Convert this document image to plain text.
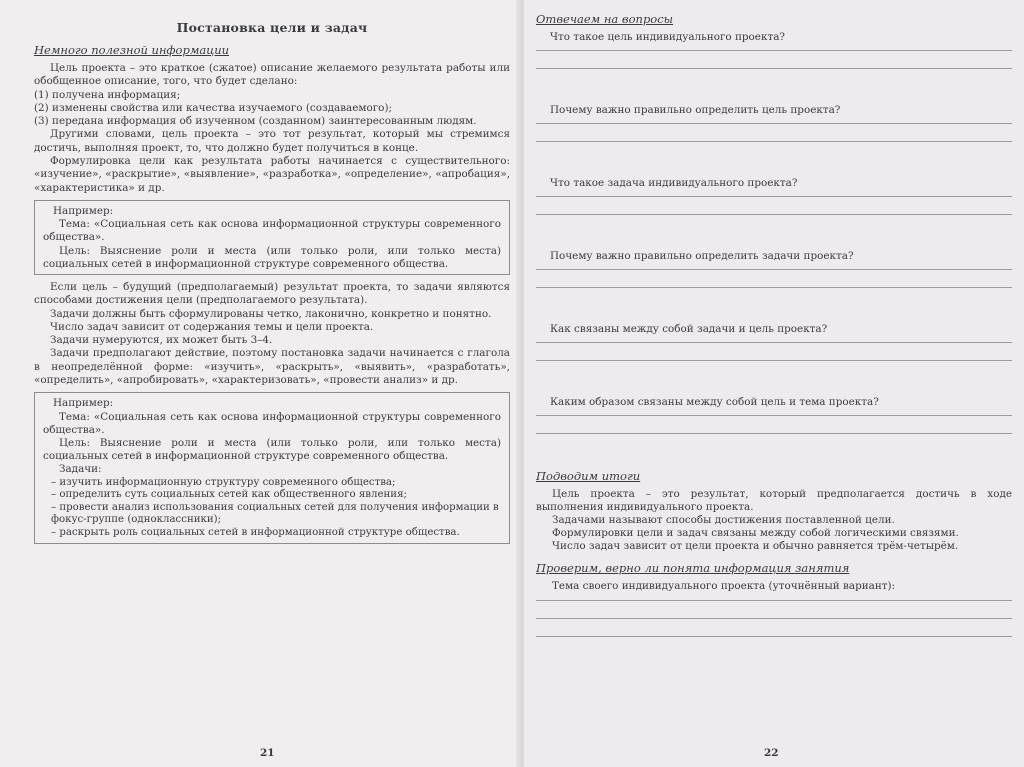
Постановка цели и задач
Немного полезной информации

Цель проекта – это краткое (сжатое) описание желаемого результата работы или обобщенное описание, того, что будет сделано:

(1) получена информация;
(2) изменены свойства или качества изучаемого (создаваемого);
(3) передана информация об изученном (созданном) заинтересованным людям.

Другими словами, цель проекта – это тот результат, который мы стремимся достичь, выполняя проект, то, что должно будет получиться в конце.

Формулировка цели как результата работы начинается с существительного: «изучение», «раскрытие», «выявление», «разработка», «определение», «апробация», «характеристика» и др.

Например:

Тема: «Социальная сеть как основа информационной структуры современного общества».

Цель: Выяснение роли и места (или только роли, или только места) социальных сетей в информационной структуре современного общества.

Если цель – будущий (предполагаемый) результат проекта, то задачи являются способами достижения цели (предполагаемого результата).

Задачи должны быть сформулированы четко, лаконично, конкретно и понятно.

Число задач зависит от содержания темы и цели проекта.

Задачи нумеруются, их может быть 3–4.

Задачи предполагают действие, поэтому постановка задачи начинается с глагола в неопределённой форме: «изучить», «раскрыть», «выявить», «разработать», «определить», «апробировать», «характеризовать», «провести анализ» и др.

Например:

Тема: «Социальная сеть как основа информационной структуры современного общества».

Цель: Выяснение роли и места (или только роли, или только места) социальных сетей в информационной структуре современного общества.

Задачи:

– изучить информационную структуру современного общества;
– определить суть социальных сетей как общественного явления;
– провести анализ использования социальных сетей для получения информации в фокус-группе (одноклассники);
– раскрыть роль социальных сетей в информационной структуре общества.
21
Отвечаем на вопросы

Что такое цель индивидуального проекта?

Почему важно правильно определить цель проекта?

Что такое задача индивидуального проекта?

Почему важно правильно определить задачи проекта?

Как связаны между собой задачи и цель проекта?

Каким образом связаны между собой цель и тема проекта?

Подводим итоги

Цель проекта – это результат, который предполагается достичь в ходе выполнения индивидуального проекта.

Задачами называют способы достижения поставленной цели.

Формулировки цели и задач связаны между собой логическими связями.

Число задач зависит от цели проекта и обычно равняется трём-четырём.

Проверим, верно ли понята информация занятия

Тема своего индивидуального проекта (уточнённый вариант):

22
